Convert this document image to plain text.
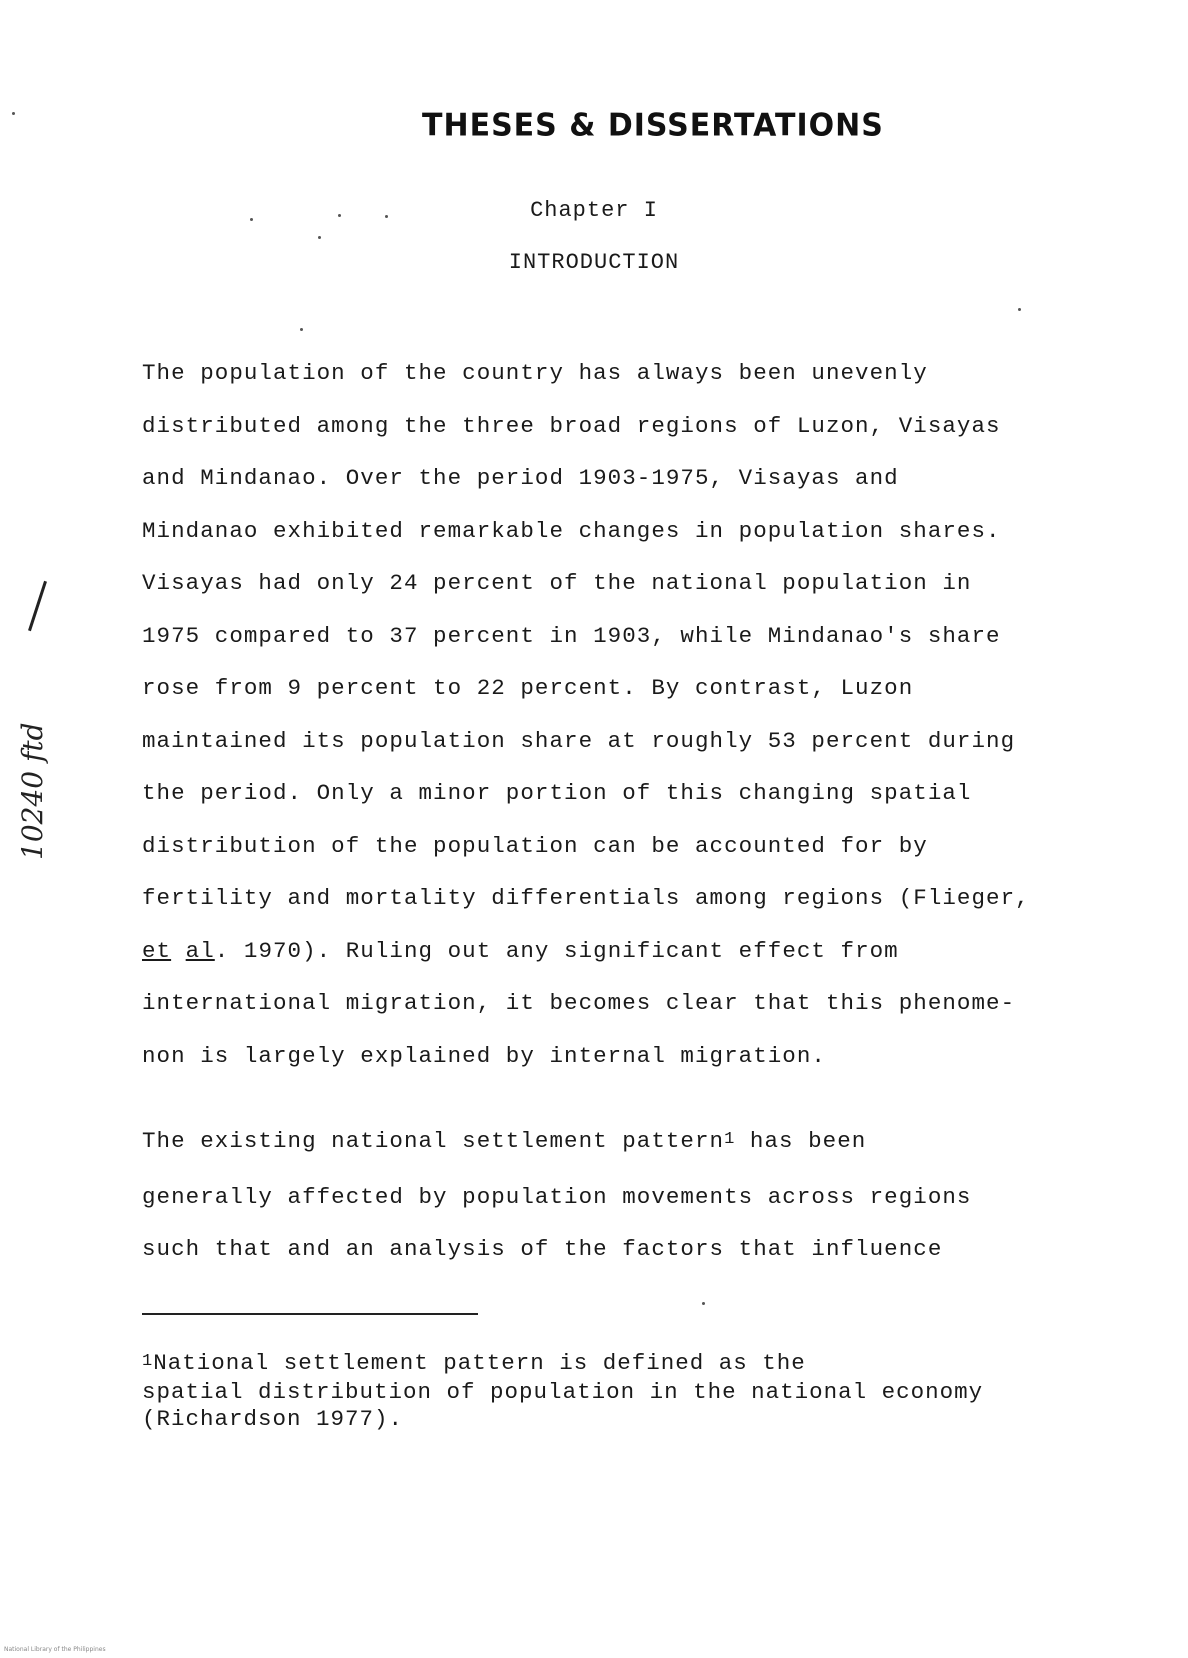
THESES & DISSERTATIONS
Chapter I
INTRODUCTION
The population of the country has always been unevenly
distributed among the three broad regions of Luzon, Visayas
and Mindanao. Over the period 1903-1975, Visayas and
Mindanao exhibited remarkable changes in population shares.
Visayas had only 24 percent of the national population in
1975 compared to 37 percent in 1903, while Mindanao's share
rose from 9 percent to 22 percent. By contrast, Luzon
maintained its population share at roughly 53 percent during
the period. Only a minor portion of this changing spatial
distribution of the population can be accounted for by
fertility and mortality differentials among regions (Flieger,
et al. 1970). Ruling out any significant effect from
international migration, it becomes clear that this phenome-
non is largely explained by internal migration.
The existing national settlement pattern$^1$ has been
generally affected by population movements across regions
such that and an analysis of the factors that influence
$^1$National settlement pattern is defined as the
spatial distribution of population in the national economy
(Richardson 1977).
10240 ftd
National Library of the Philippines
